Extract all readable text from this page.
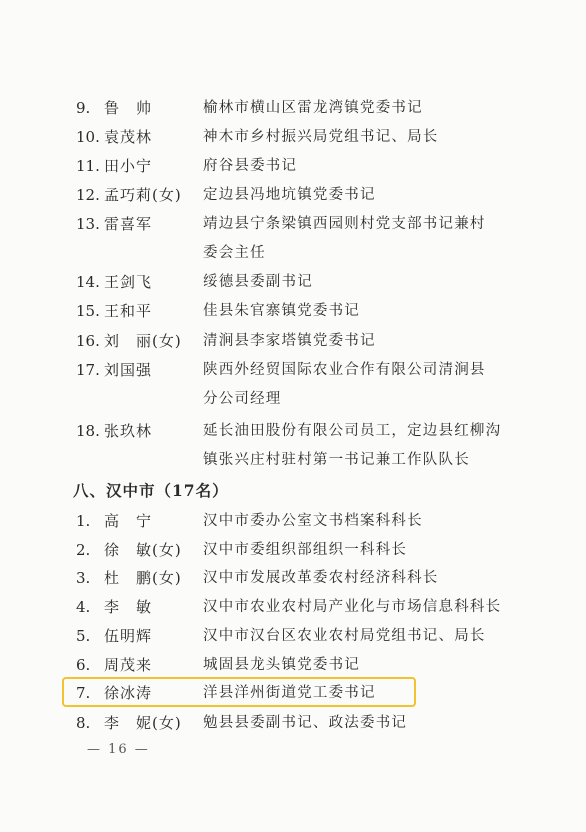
9. 鲁　帅	榆林市横山区雷龙湾镇党委书记
10. 袁茂林	神木市乡村振兴局党组书记、局长
11. 田小宁	府谷县委书记
12. 孟巧莉(女) 定边县冯地坑镇党委书记
13. 雷喜军	靖边县宁条梁镇西园则村党支部书记兼村
委会主任
14. 王剑飞	绥德县委副书记
15. 王和平	佳县朱官寨镇党委书记
16. 刘　丽(女) 清涧县李家塔镇党委书记
17. 刘国强	陕西外经贸国际农业合作有限公司清涧县
分公司经理
18. 张玖林	延长油田股份有限公司员工，定边县红柳沟
镇张兴庄村驻村第一书记兼工作队队长
八、汉中市（17名）
1. 高　宁	汉中市委办公室文书档案科科长
2. 徐　敏(女) 汉中市委组织部组织一科科长
3. 杜　鹏(女) 汉中市发展改革委农村经济科科长
4. 李　敏	汉中市农业农村局产业化与市场信息科科长
5. 伍明辉	汉中市汉台区农业农村局党组书记、局长
6. 周茂来	城固县龙头镇党委书记
7. 徐冰涛	洋县洋州街道党工委书记
8. 李　妮(女) 勉县县委副书记、政法委书记
— 16 —
